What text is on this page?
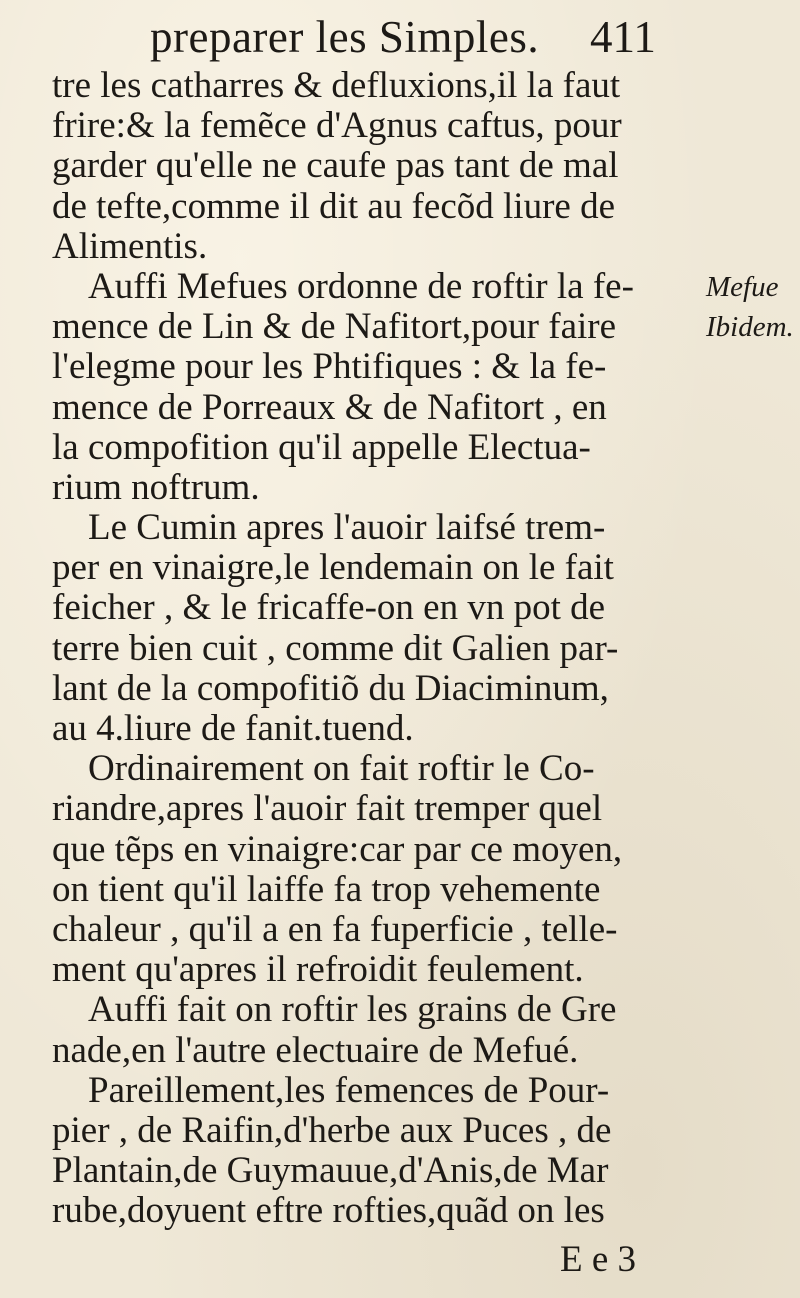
preparer les Simples. 411
tre les catharres & defluxions,il la faut
frire:& la femẽce d'Agnus caftus, pour
garder qu'elle ne caufe pas tant de mal
de tefte,comme il dit au fecõd liure de
Alimentis.
Auffi Mefues ordonne de roftir la fe-
mence de Lin & de Nafitort,pour faire
l'elegme pour les Phtifiques : & la fe-
mence de Porreaux & de Nafitort , en
la compofition qu'il appelle Electua-
rium noftrum.
Le Cumin apres l'auoir laifsé trem-
per en vinaigre,le lendemain on le fait
feicher , & le fricaffe-on en vn pot de
terre bien cuit , comme dit Galien par-
lant de la compofitiõ du Diaciminum,
au 4.liure de fanit.tuend.
Ordinairement on fait roftir le Co-
riandre,apres l'auoir fait tremper quel
que tẽps en vinaigre:car par ce moyen,
on tient qu'il laiffe fa trop vehemente
chaleur , qu'il a en fa fuperficie , telle-
ment qu'apres il refroidit feulement.
Auffi fait on roftir les grains de Gre
nade,en l'autre electuaire de Mefué.
Pareillement,les femences de Pour-
pier , de Raifin,d'herbe aux Puces , de
Plantain,de Guymauue,d'Anis,de Mar
rube,doyuent eftre rofties,quãd on les
Mefue
Ibidem.
E e 3
